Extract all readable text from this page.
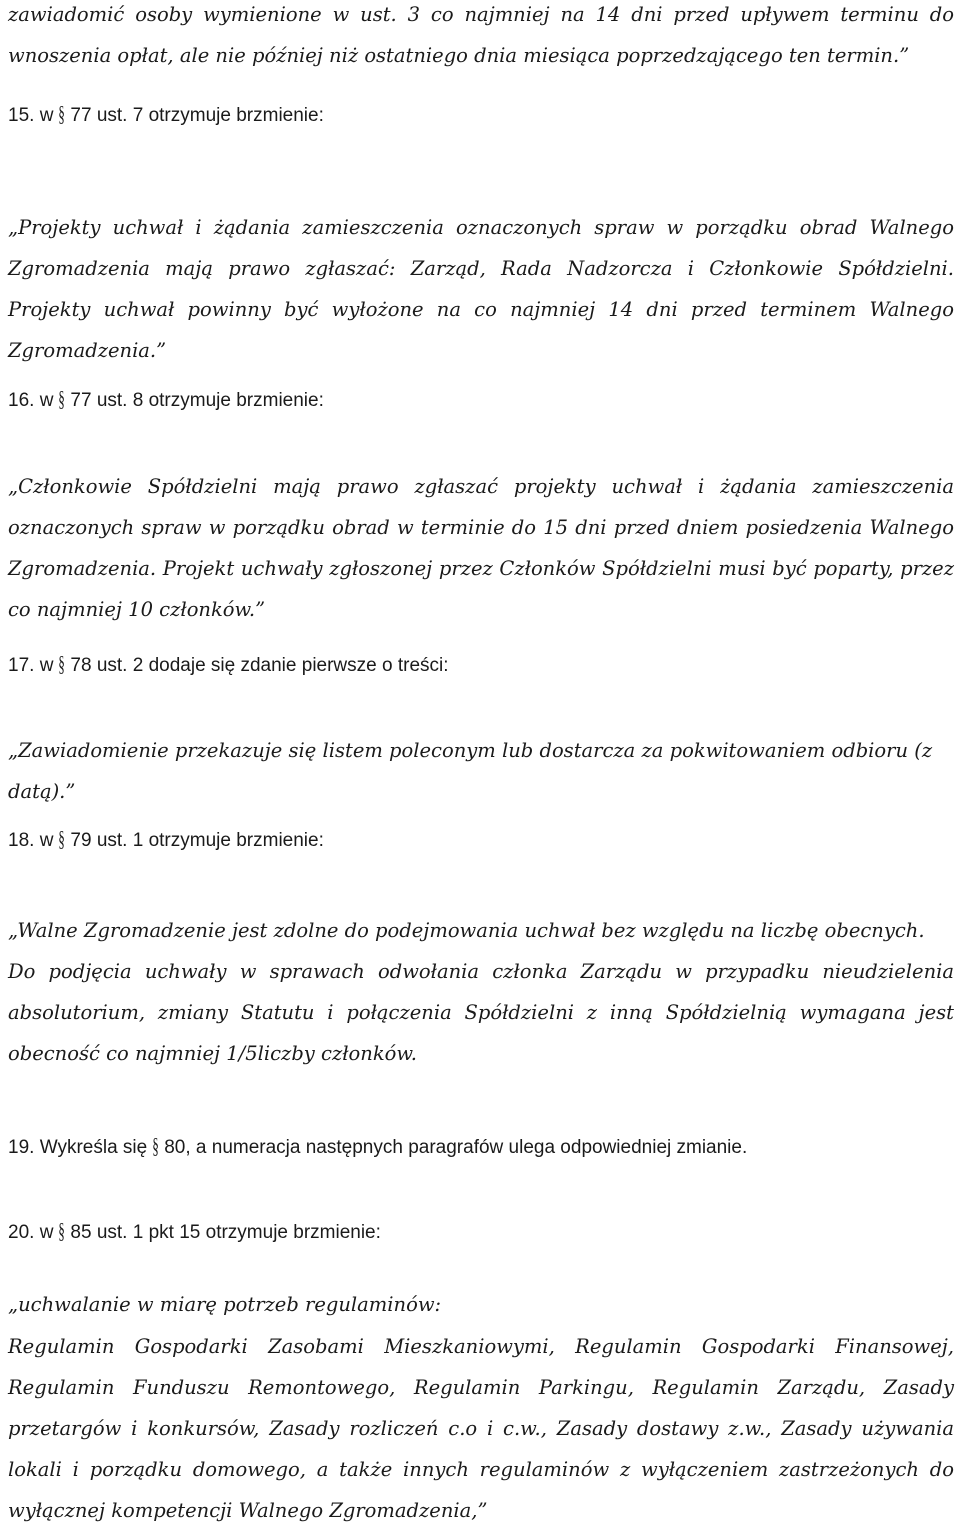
zawiadomić osoby wymienione w ust. 3 co najmniej na 14 dni przed upływem terminu do wnoszenia opłat, ale nie później niż ostatniego dnia miesiąca poprzedzającego ten termin.”
15. w § 77 ust. 7 otrzymuje brzmienie:
„Projekty uchwał i żądania zamieszczenia oznaczonych spraw w porządku obrad Walnego Zgromadzenia mają prawo zgłaszać: Zarząd, Rada Nadzorcza i Członkowie Spółdzielni. Projekty uchwał powinny być wyłożone na co najmniej 14 dni przed terminem Walnego Zgromadzenia.”
16. w § 77 ust. 8 otrzymuje brzmienie:
„Członkowie Spółdzielni mają prawo zgłaszać projekty uchwał i żądania zamieszczenia oznaczonych spraw w porządku obrad w terminie do 15 dni przed dniem posiedzenia Walnego Zgromadzenia. Projekt uchwały zgłoszonej przez Członków Spółdzielni musi być poparty, przez co najmniej 10 członków.”
17. w § 78 ust. 2 dodaje się zdanie pierwsze o treści:
„Zawiadomienie przekazuje się listem poleconym lub dostarcza za pokwitowaniem odbioru (z datą).”
18. w § 79 ust. 1 otrzymuje brzmienie:
„Walne Zgromadzenie jest zdolne do podejmowania uchwał bez względu na liczbę obecnych.
Do podjęcia uchwały w sprawach odwołania członka Zarządu w przypadku nieudzielenia absolutorium, zmiany Statutu i połączenia Spółdzielni z inną Spółdzielnią wymagana jest obecność co najmniej 1/5liczby członków.
19. Wykreśla się § 80, a numeracja następnych paragrafów ulega odpowiedniej zmianie.
20. w § 85 ust. 1 pkt 15 otrzymuje brzmienie:
„uchwalanie w miarę potrzeb regulaminów:
Regulamin Gospodarki Zasobami Mieszkaniowymi, Regulamin Gospodarki Finansowej, Regulamin Funduszu Remontowego, Regulamin Parkingu, Regulamin Zarządu, Zasady przetargów i konkursów, Zasady rozliczeń c.o i c.w., Zasady dostawy z.w., Zasady używania lokali i porządku domowego, a także innych regulaminów z wyłączeniem zastrzeżonych do wyłącznej kompetencji Walnego Zgromadzenia,”
